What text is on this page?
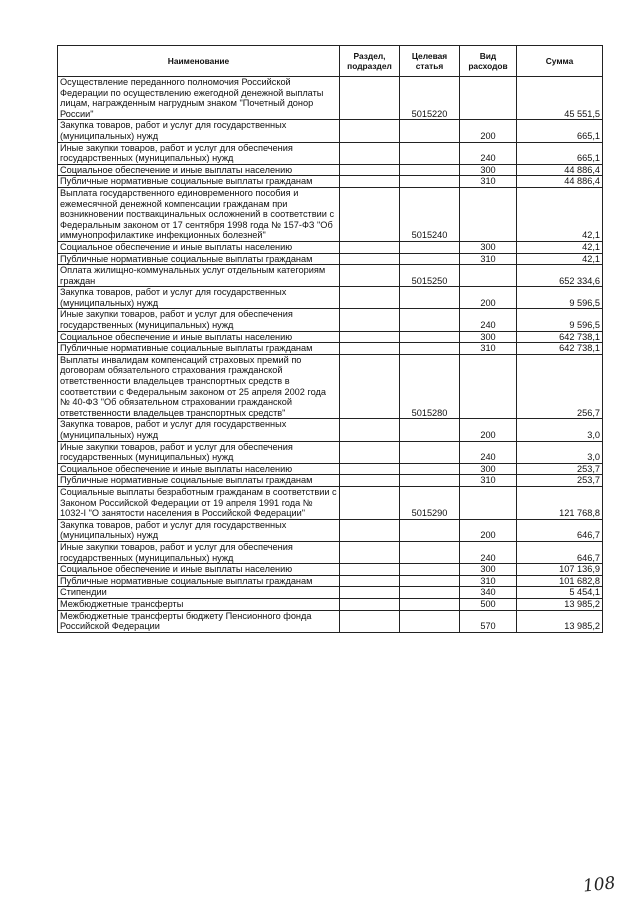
Наименование	Раздел, подраздел	Целевая статья	Вид расходов	Сумма
Осуществление переданного полномочия Российской Федерации по осуществлению ежегодной денежной выплаты лицам, награжденным нагрудным знаком "Почетный донор России"		5015220		45 551,5
Закупка товаров, работ и услуг для государственных (муниципальных) нужд			200	665,1
Иные закупки товаров, работ и услуг для обеспечения государственных (муниципальных) нужд			240	665,1
Социальное обеспечение и иные выплаты населению			300	44 886,4
Публичные нормативные социальные выплаты гражданам			310	44 886,4
Выплата государственного единовременного пособия и ежемесячной денежной компенсации гражданам при возникновении поствакцинальных осложнений в соответствии с Федеральным законом от 17 сентября 1998 года № 157-ФЗ "Об иммунопрофилактике инфекционных болезней"		5015240		42,1
Социальное обеспечение и иные выплаты населению			300	42,1
Публичные нормативные социальные выплаты гражданам			310	42,1
Оплата жилищно-коммунальных услуг отдельным категориям граждан		5015250		652 334,6
Закупка товаров, работ и услуг для государственных (муниципальных) нужд			200	9 596,5
Иные закупки товаров, работ и услуг для обеспечения государственных (муниципальных) нужд			240	9 596,5
Социальное обеспечение и иные выплаты населению			300	642 738,1
Публичные нормативные социальные выплаты гражданам			310	642 738,1
Выплаты инвалидам компенсаций страховых премий по договорам обязательного страхования гражданской ответственности владельцев транспортных средств в соответствии с Федеральным законом от 25 апреля 2002 года № 40-ФЗ "Об обязательном страховании гражданской ответственности владельцев транспортных средств"		5015280		256,7
Закупка товаров, работ и услуг для государственных (муниципальных) нужд			200	3,0
Иные закупки товаров, работ и услуг для обеспечения государственных (муниципальных) нужд			240	3,0
Социальное обеспечение и иные выплаты населению			300	253,7
Публичные нормативные социальные выплаты гражданам			310	253,7
Социальные выплаты безработным гражданам в соответствии с Законом Российской Федерации от 19 апреля 1991 года № 1032-I "О занятости населения в Российской Федерации"		5015290		121 768,8
Закупка товаров, работ и услуг для государственных (муниципальных) нужд			200	646,7
Иные закупки товаров, работ и услуг для обеспечения государственных (муниципальных) нужд			240	646,7
Социальное обеспечение и иные выплаты населению			300	107 136,9
Публичные нормативные социальные выплаты гражданам			310	101 682,8
Стипендии			340	5 454,1
Межбюджетные трансферты			500	13 985,2
Межбюджетные трансферты бюджету Пенсионного фонда Российской Федерации			570	13 985,2
108
